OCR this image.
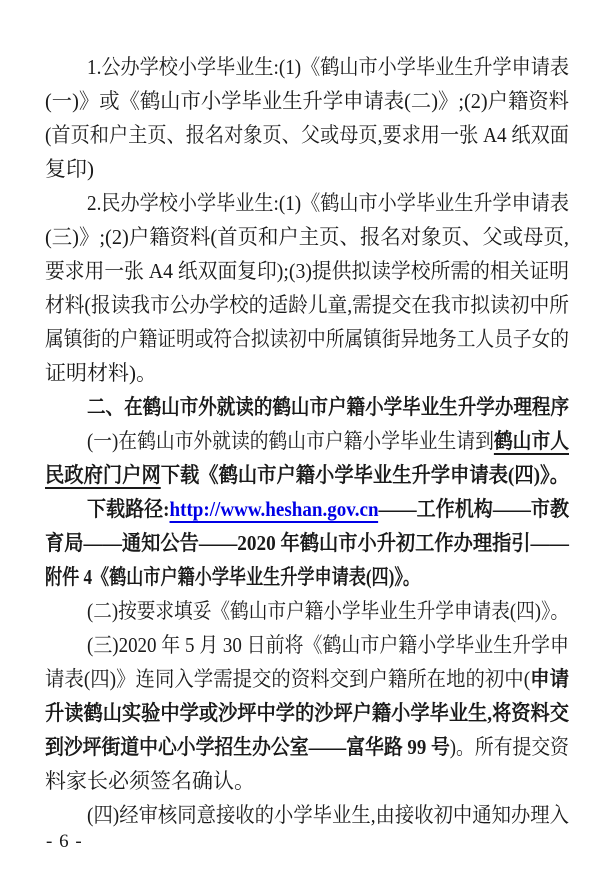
1.公办学校小学毕业生:(1)《鹤山市小学毕业生升学申请表
(一)》或《鹤山市小学毕业生升学申请表(二)》;(2)户籍资料
(首页和户主页、报名对象页、父或母页,要求用一张 A4 纸双面
复印)
2.民办学校小学毕业生:(1)《鹤山市小学毕业生升学申请表
(三)》;(2)户籍资料(首页和户主页、报名对象页、父或母页,
要求用一张 A4 纸双面复印);(3)提供拟读学校所需的相关证明
材料(报读我市公办学校的适龄儿童,需提交在我市拟读初中所
属镇街的户籍证明或符合拟读初中所属镇街异地务工人员子女的
证明材料)。
二、在鹤山市外就读的鹤山市户籍小学毕业生升学办理程序
(一)在鹤山市外就读的鹤山市户籍小学毕业生请到鹤山市人
民政府门户网下载《鹤山市户籍小学毕业生升学申请表(四)》。
下载路径:http://www.heshan.gov.cn——工作机构——市教
育局——通知公告——2020 年鹤山市小升初工作办理指引——
附件 4《鹤山市户籍小学毕业生升学申请表(四)》。
(二)按要求填妥《鹤山市户籍小学毕业生升学申请表(四)》。
(三)2020 年 5 月 30 日前将《鹤山市户籍小学毕业生升学申
请表(四)》连同入学需提交的资料交到户籍所在地的初中(申请
升读鹤山实验中学或沙坪中学的沙坪户籍小学毕业生,将资料交
到沙坪街道中心小学招生办公室——富华路 99 号)。所有提交资
料家长必须签名确认。
(四)经审核同意接收的小学毕业生,由接收初中通知办理入
- 6 -
